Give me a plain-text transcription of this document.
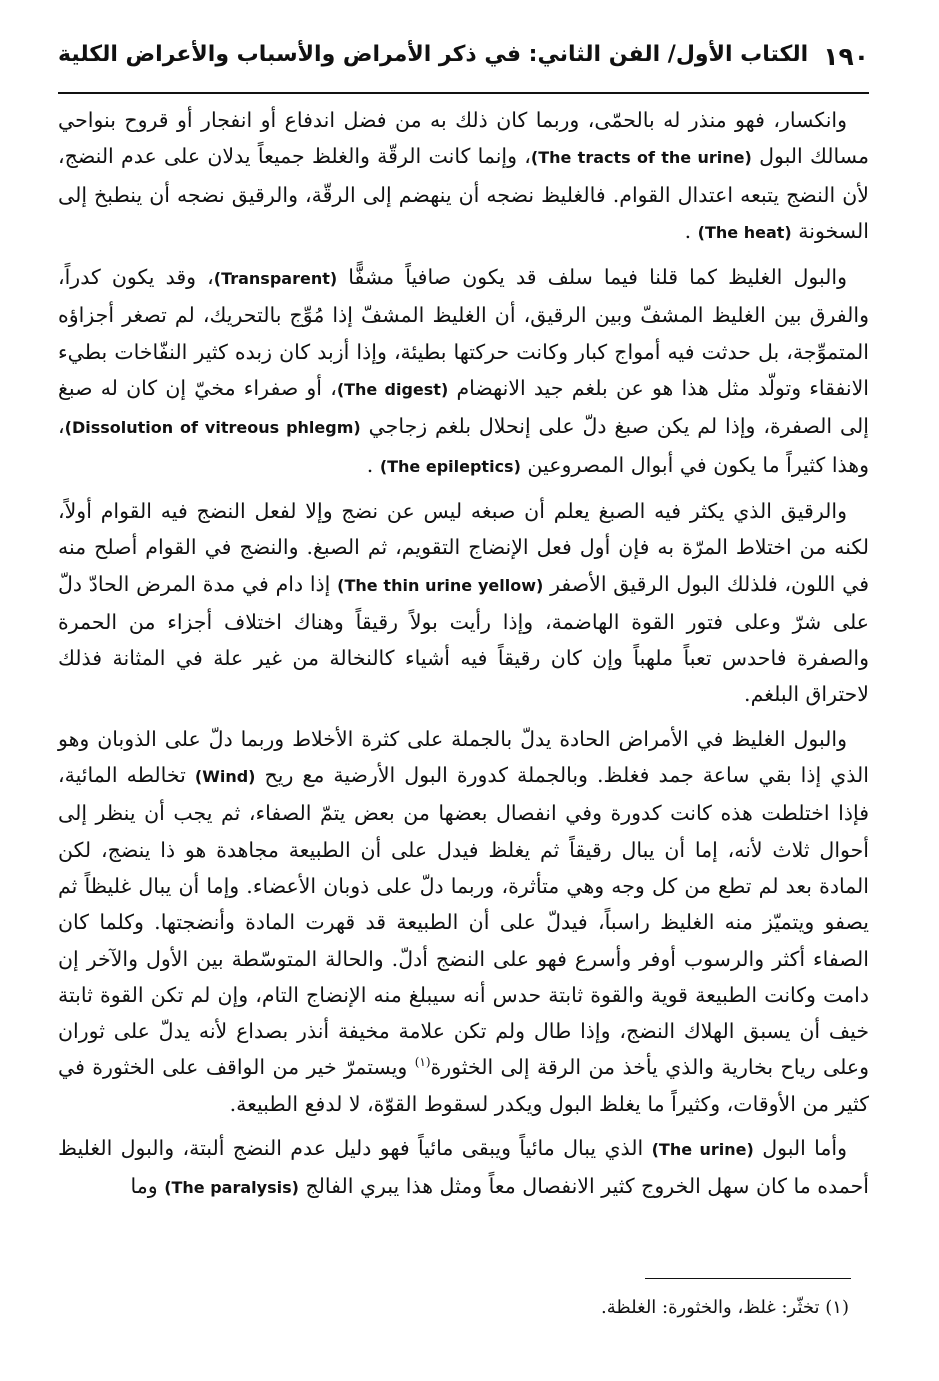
١٩٠
الكتاب الأول/ الفن الثاني: في ذكر الأمراض والأسباب والأعراض الكلية

وانكسار، فهو منذر له بالحمّى، وربما كان ذلك به من فضل اندفاع أو انفجار أو قروح بنواحي مسالك البول (The tracts of the urine)، وإنما كانت الرقّة والغلظ جميعاً يدلان على عدم النضج، لأن النضج يتبعه اعتدال القوام. فالغليظ نضجه أن ينهضم إلى الرقّة، والرقيق نضجه أن ينطبخ إلى السخونة (The heat) .

والبول الغليظ كما قلنا فيما سلف قد يكون صافياً مشفًّا (Transparent)، وقد يكون كدراً، والفرق بين الغليظ المشفّ وبين الرقيق، أن الغليظ المشفّ إذا مُوِّج بالتحريك، لم تصغر أجزاؤه المتموِّجة، بل حدثت فيه أمواج كبار وكانت حركتها بطيئة، وإذا أزبد كان زبده كثير النفّاخات بطيء الانفقاء وتولّد مثل هذا هو عن بلغم جيد الانهضام (The digest)، أو صفراء مخيّ إن كان له صبغ إلى الصفرة، وإذا لم يكن صبغ دلّ على إنحلال بلغم زجاجي (Dissolution of vitreous phlegm)، وهذا كثيراً ما يكون في أبوال المصروعين (The epileptics) .

والرقيق الذي يكثر فيه الصبغ يعلم أن صبغه ليس عن نضج وإلا لفعل النضج فيه القوام أولاً، لكنه من اختلاط المرّة به فإن أول فعل الإنضاج التقويم، ثم الصبغ. والنضج في القوام أصلح منه في اللون، فلذلك البول الرقيق الأصفر (The thin urine yellow) إذا دام في مدة المرض الحادّ دلّ على شرّ وعلى فتور القوة الهاضمة، وإذا رأيت بولاً رقيقاً وهناك اختلاف أجزاء من الحمرة والصفرة فاحدس تعباً ملهباً وإن كان رقيقاً فيه أشياء كالنخالة من غير علة في المثانة فذلك لاحتراق البلغم.

والبول الغليظ في الأمراض الحادة يدلّ بالجملة على كثرة الأخلاط وربما دلّ على الذوبان وهو الذي إذا بقي ساعة جمد فغلظ. وبالجملة كدورة البول الأرضية مع ريح (Wind) تخالطه المائية، فإذا اختلطت هذه كانت كدورة وفي انفصال بعضها من بعض يتمّ الصفاء، ثم يجب أن ينظر إلى أحوال ثلاث لأنه، إما أن يبال رقيقاً ثم يغلظ فيدل على أن الطبيعة مجاهدة هو ذا ينضج، لكن المادة بعد لم تطع من كل وجه وهي متأثرة، وربما دلّ على ذوبان الأعضاء. وإما أن يبال غليظاً ثم يصفو ويتميّز منه الغليظ راسباً، فيدلّ على أن الطبيعة قد قهرت المادة وأنضجتها. وكلما كان الصفاء أكثر والرسوب أوفر وأسرع فهو على النضج أدلّ. والحالة المتوسّطة بين الأول والآخر إن دامت وكانت الطبيعة قوية والقوة ثابتة حدس أنه سيبلغ منه الإنضاج التام، وإن لم تكن القوة ثابتة خيف أن يسبق الهلاك النضج، وإذا طال ولم تكن علامة مخيفة أنذر بصداع لأنه يدلّ على ثوران وعلى رياح بخارية والذي يأخذ من الرقة إلى الخثورة$^{(١)}$ ويستمرّ خير من الواقف على الخثورة في كثير من الأوقات، وكثيراً ما يغلظ البول ويكدر لسقوط القوّة، لا لدفع الطبيعة.

وأما البول (The urine) الذي يبال مائياً ويبقى مائياً فهو دليل عدم النضج ألبتة، والبول الغليظ أحمده ما كان سهل الخروج كثير الانفصال معاً ومثل هذا يبري الفالج (The paralysis) وما

(١) تخثّر: غلظ، والخثورة: الغلظة.
